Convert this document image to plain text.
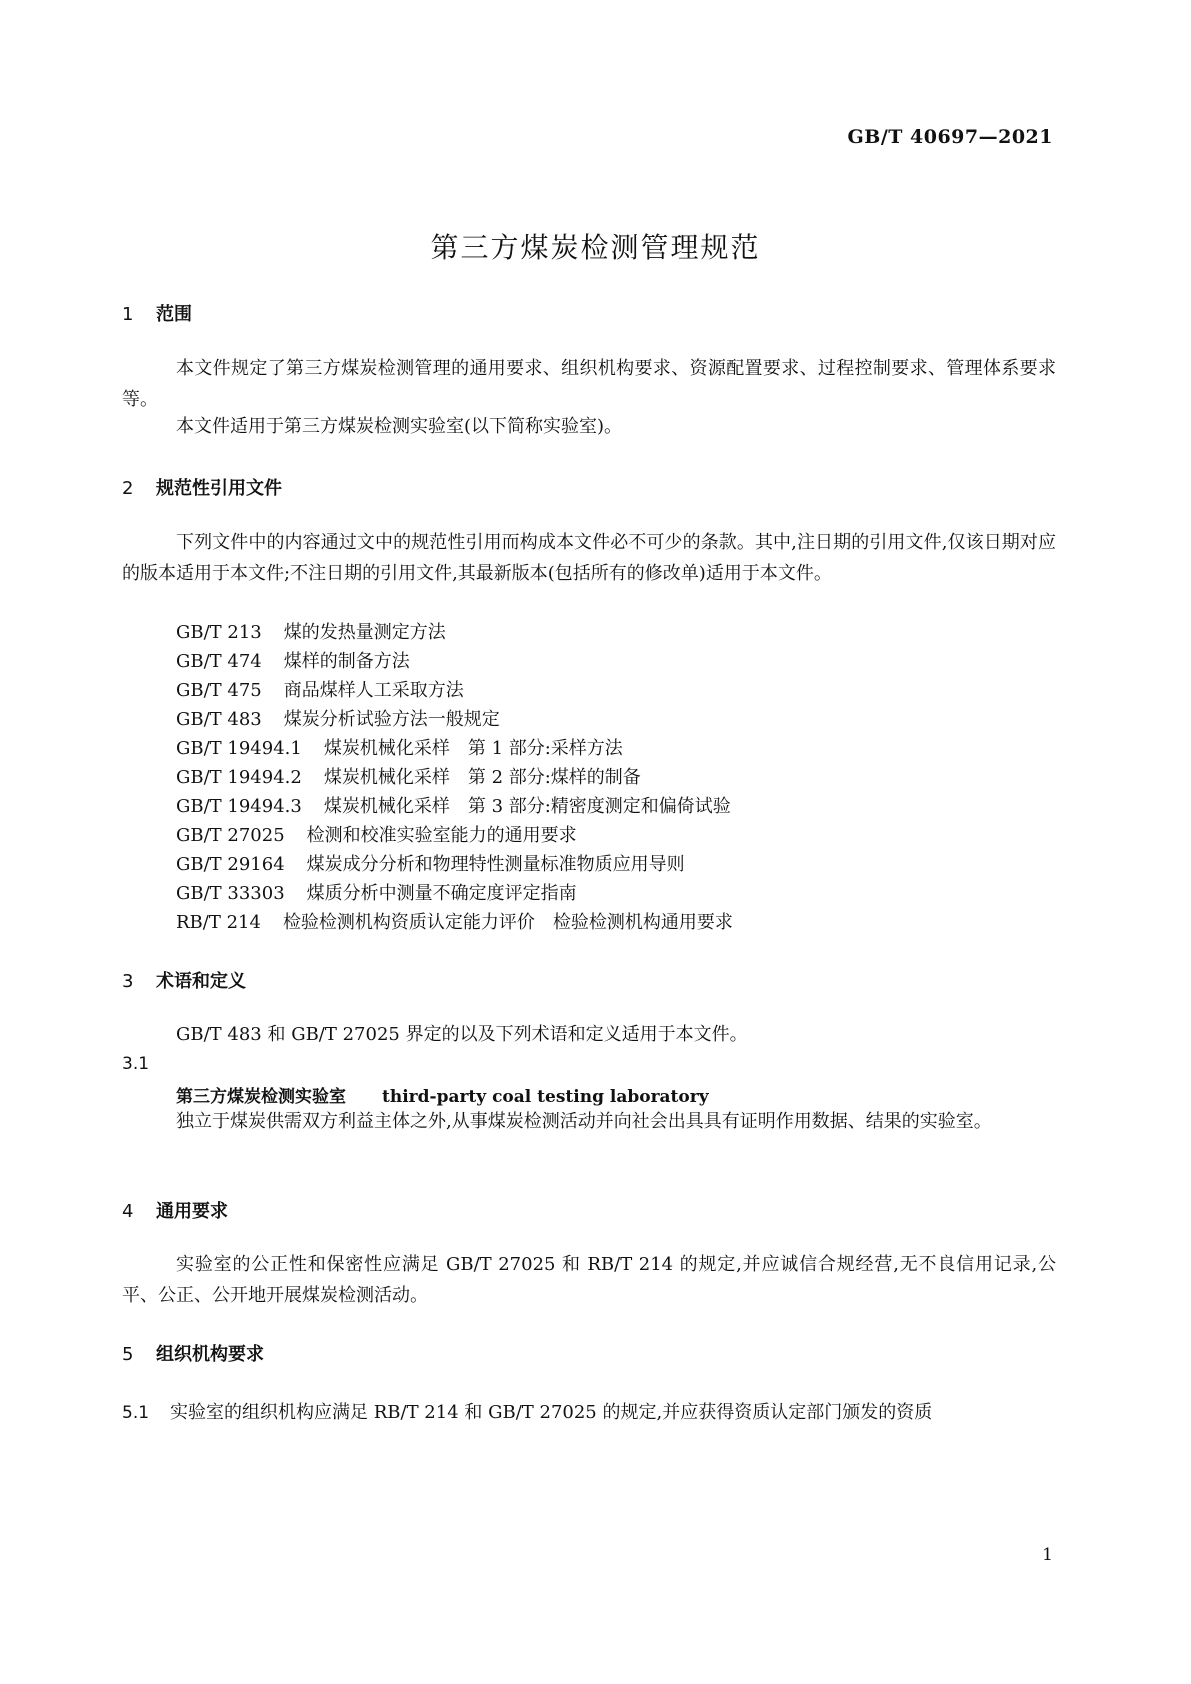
GB/T 40697—2021
第三方煤炭检测管理规范
1 范围
本文件规定了第三方煤炭检测管理的通用要求、组织机构要求、资源配置要求、过程控制要求、管理体系要求等。
本文件适用于第三方煤炭检测实验室(以下简称实验室)。
2 规范性引用文件
下列文件中的内容通过文中的规范性引用而构成本文件必不可少的条款。其中,注日期的引用文件,仅该日期对应的版本适用于本文件;不注日期的引用文件,其最新版本(包括所有的修改单)适用于本文件。
GB/T 213 煤的发热量测定方法
GB/T 474 煤样的制备方法
GB/T 475 商品煤样人工采取方法
GB/T 483 煤炭分析试验方法一般规定
GB/T 19494.1 煤炭机械化采样　第 1 部分:采样方法
GB/T 19494.2 煤炭机械化采样　第 2 部分:煤样的制备
GB/T 19494.3 煤炭机械化采样　第 3 部分:精密度测定和偏倚试验
GB/T 27025 检测和校准实验室能力的通用要求
GB/T 29164 煤炭成分分析和物理特性测量标准物质应用导则
GB/T 33303 煤质分析中测量不确定度评定指南
RB/T 214 检验检测机构资质认定能力评价　检验检测机构通用要求
3 术语和定义
GB/T 483 和 GB/T 27025 界定的以及下列术语和定义适用于本文件。
3.1
第三方煤炭检测实验室 third-party coal testing laboratory
独立于煤炭供需双方利益主体之外,从事煤炭检测活动并向社会出具具有证明作用数据、结果的实验室。
4 通用要求
实验室的公正性和保密性应满足 GB/T 27025 和 RB/T 214 的规定,并应诚信合规经营,无不良信用记录,公平、公正、公开地开展煤炭检测活动。
5 组织机构要求
5.1 实验室的组织机构应满足 RB/T 214 和 GB/T 27025 的规定,并应获得资质认定部门颁发的资质
1
